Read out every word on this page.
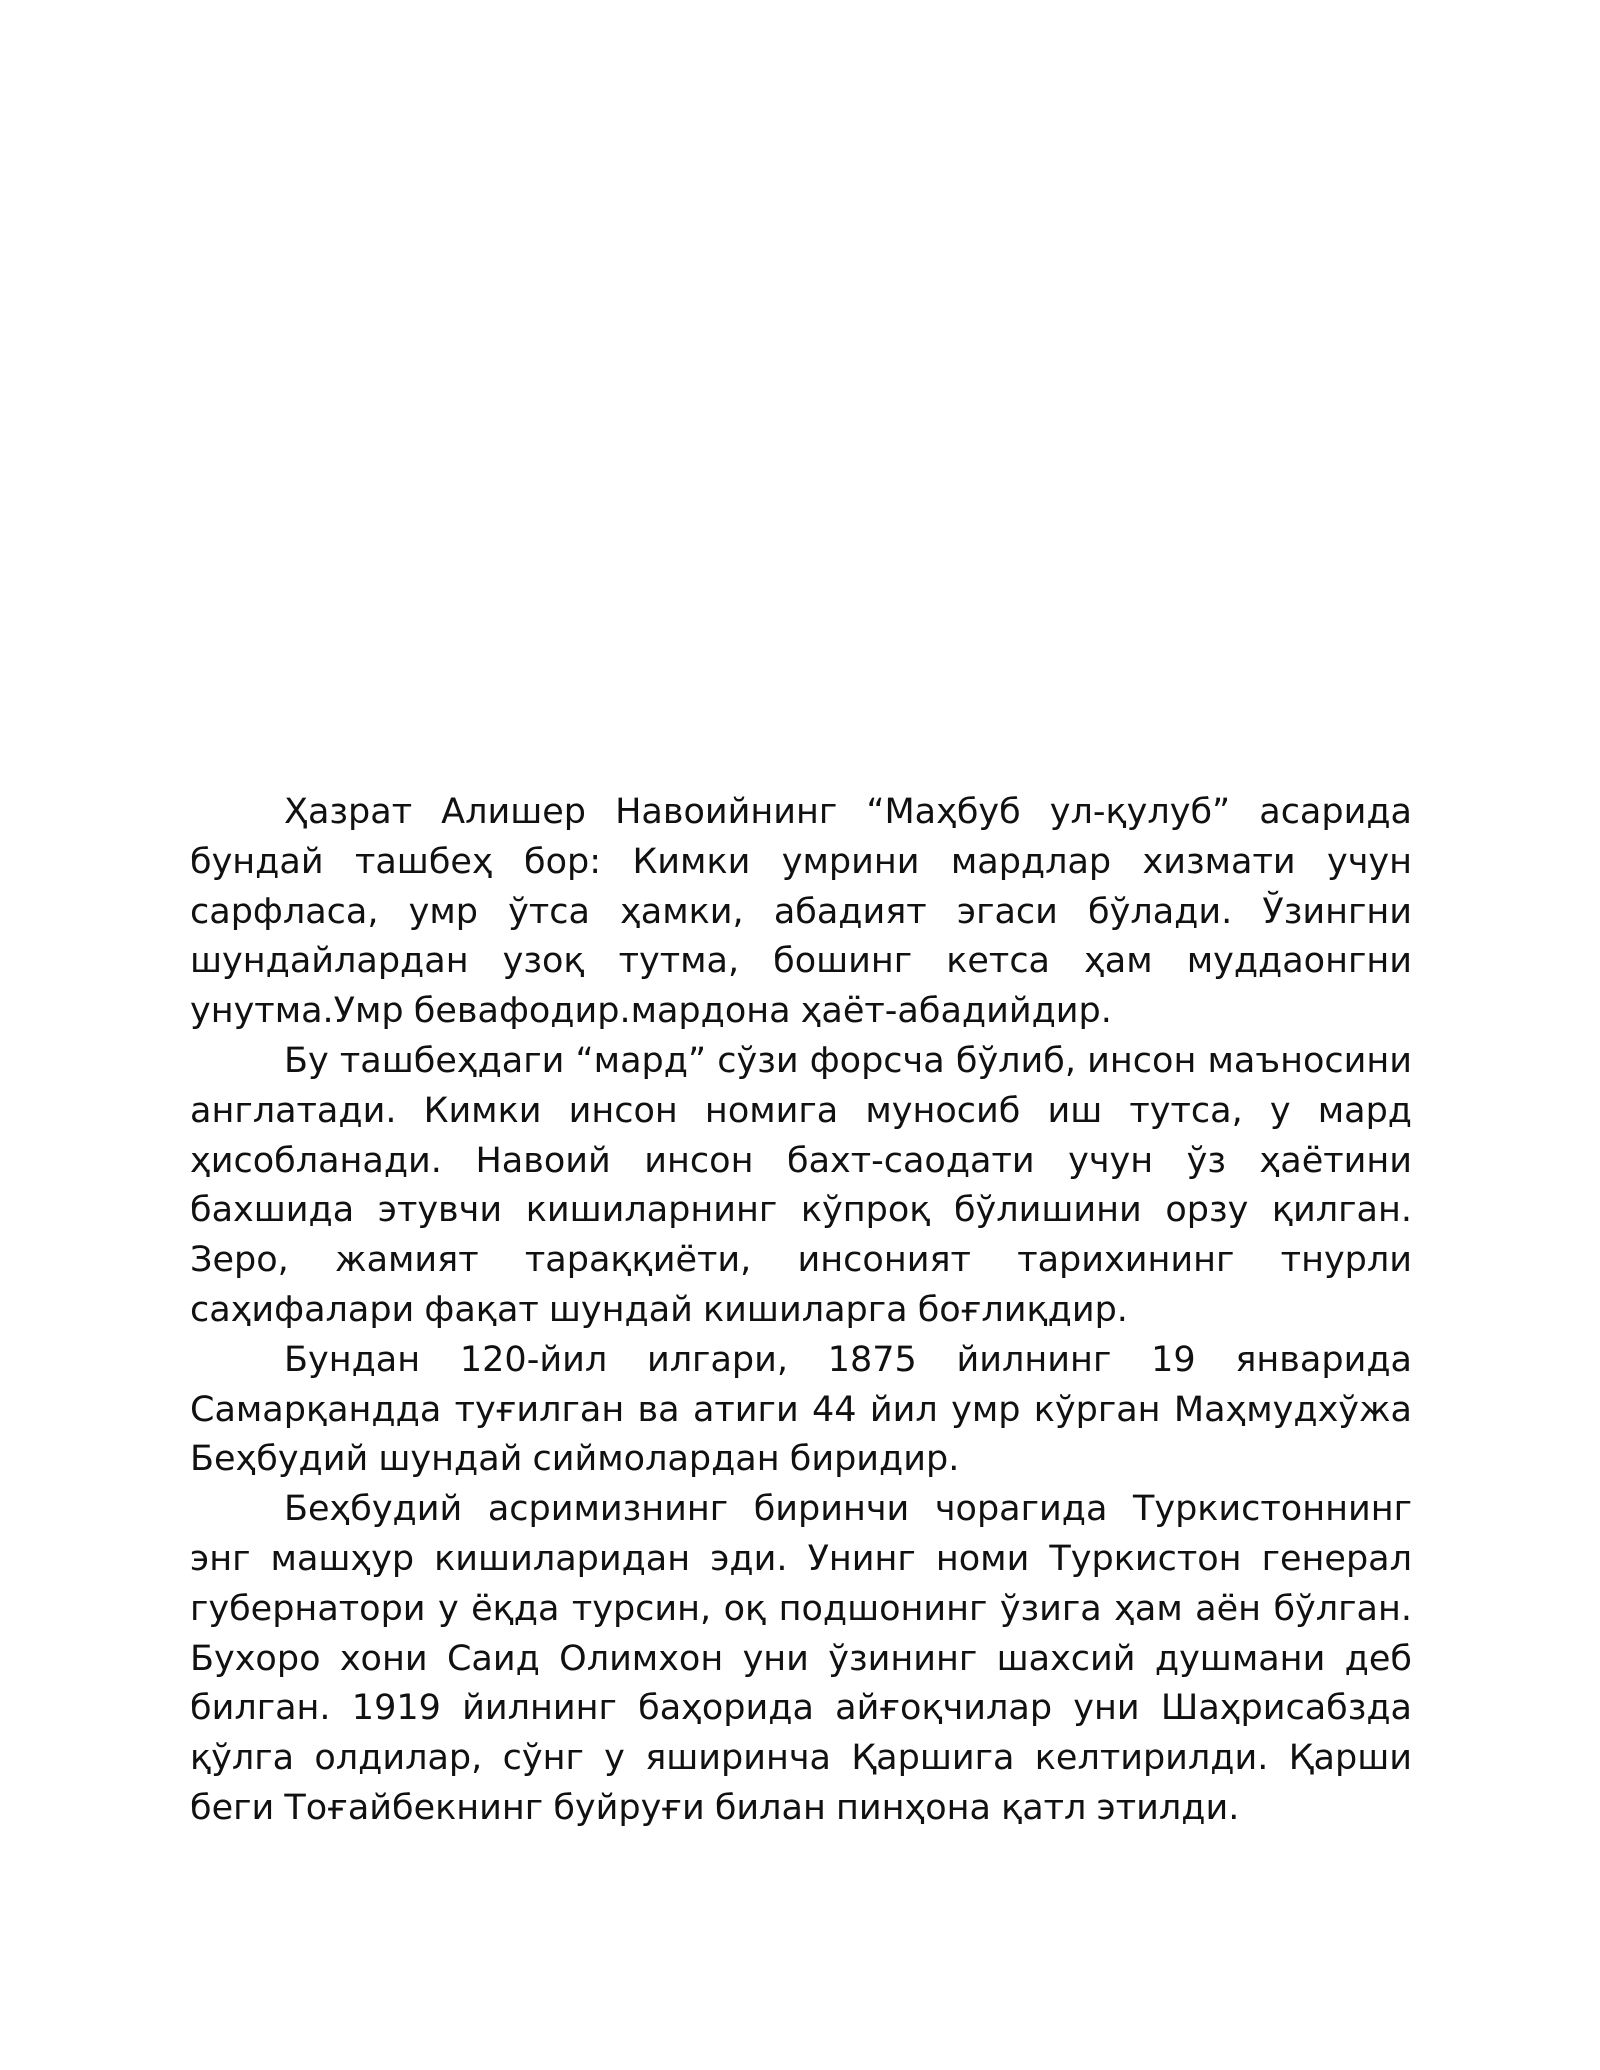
Ҳазрат Алишер Навоийнинг “Маҳбуб ул-қулуб” асарида бундай ташбеҳ бор: Кимки умрини мардлар хизмати учун сарфласа, умр ўтса ҳамки, абадият эгаси бўлади. Ўзингни шундайлардан узоқ тутма, бошинг кетса ҳам муддаонгни унутма.Умр бевафодир.мардона ҳаёт-абадийдир.

Бу ташбеҳдаги “мард” сўзи форсча бўлиб, инсон маъносини англатади. Кимки инсон номига муносиб иш тутса, у мард ҳисобланади. Навоий инсон бахт-саодати учун ўз ҳаётини бахшида этувчи кишиларнинг кўпроқ бўлишини орзу қилган. Зеро, жамият тараққиёти, инсоният тарихининг тнурли саҳифалари фақат шундай кишиларга боғлиқдир.

Бундан 120-йил илгари, 1875 йилнинг 19 январида Самарқандда туғилган ва атиги 44 йил умр кўрган Маҳмудхўжа Беҳбудий шундай сиймолардан биридир.

Беҳбудий асримизнинг биринчи чорагида Туркистоннинг энг машҳур кишиларидан эди. Унинг номи Туркистон генерал губернатори у ёқда турсин, оқ подшонинг ўзига ҳам аён бўлган. Бухоро хони Саид Олимхон уни ўзининг шахсий душмани деб билган. 1919 йилнинг баҳорида айғоқчилар уни Шаҳрисабзда қўлга олдилар, сўнг у яширинча Қаршига келтирилди. Қарши беги Тоғайбекнинг буйруғи билан пинҳона қатл этилди.
